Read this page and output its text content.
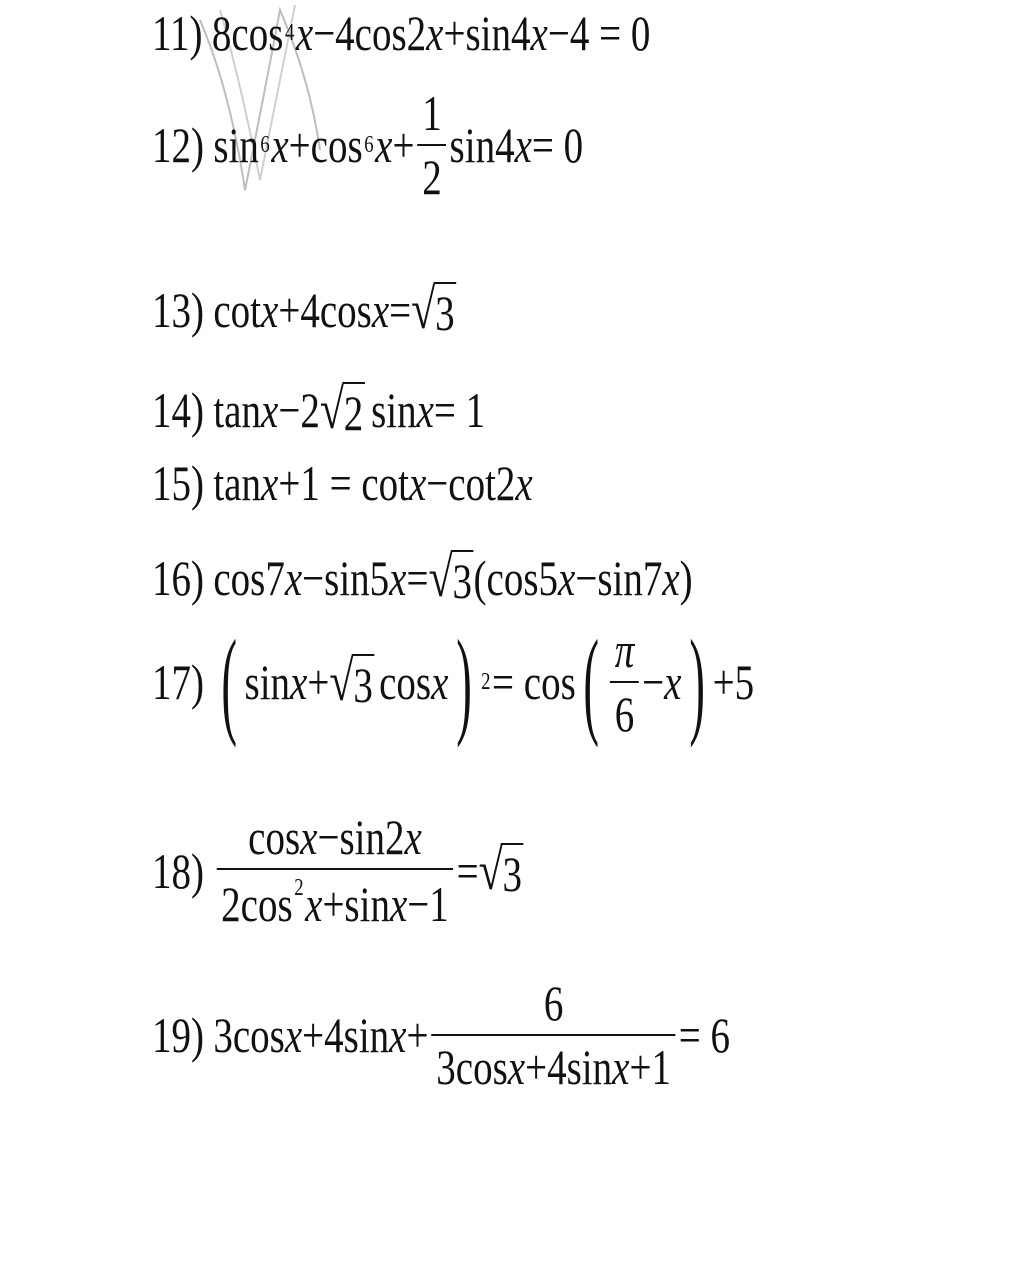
11) 8cos 4 x −4cos2 x +sin4 x −4 = 0
12) sin 6 x +cos 6 $x + \frac{1}{2} \sin 4$ x = 0
13) cot x +4cos x = √ 3
14) tan x −2 √ 2 sin x = 1
15) tan x +1 = cot x −cot2 x
16) cos7 x −sin5 x = √ 3 (cos5 x −sin7 x )
17) ( sin x + √ 3 cos x ) 2 = cos ( $\frac{\pi}{6} - x$ ) +5
$18) \frac{\cos x-\sin 2x}{2\cos^2x+\sin x-1}$ = √ 3
19) 3cos x +4sin $x + \frac{6}{3\cos x+4\sin x+1} = 6$
